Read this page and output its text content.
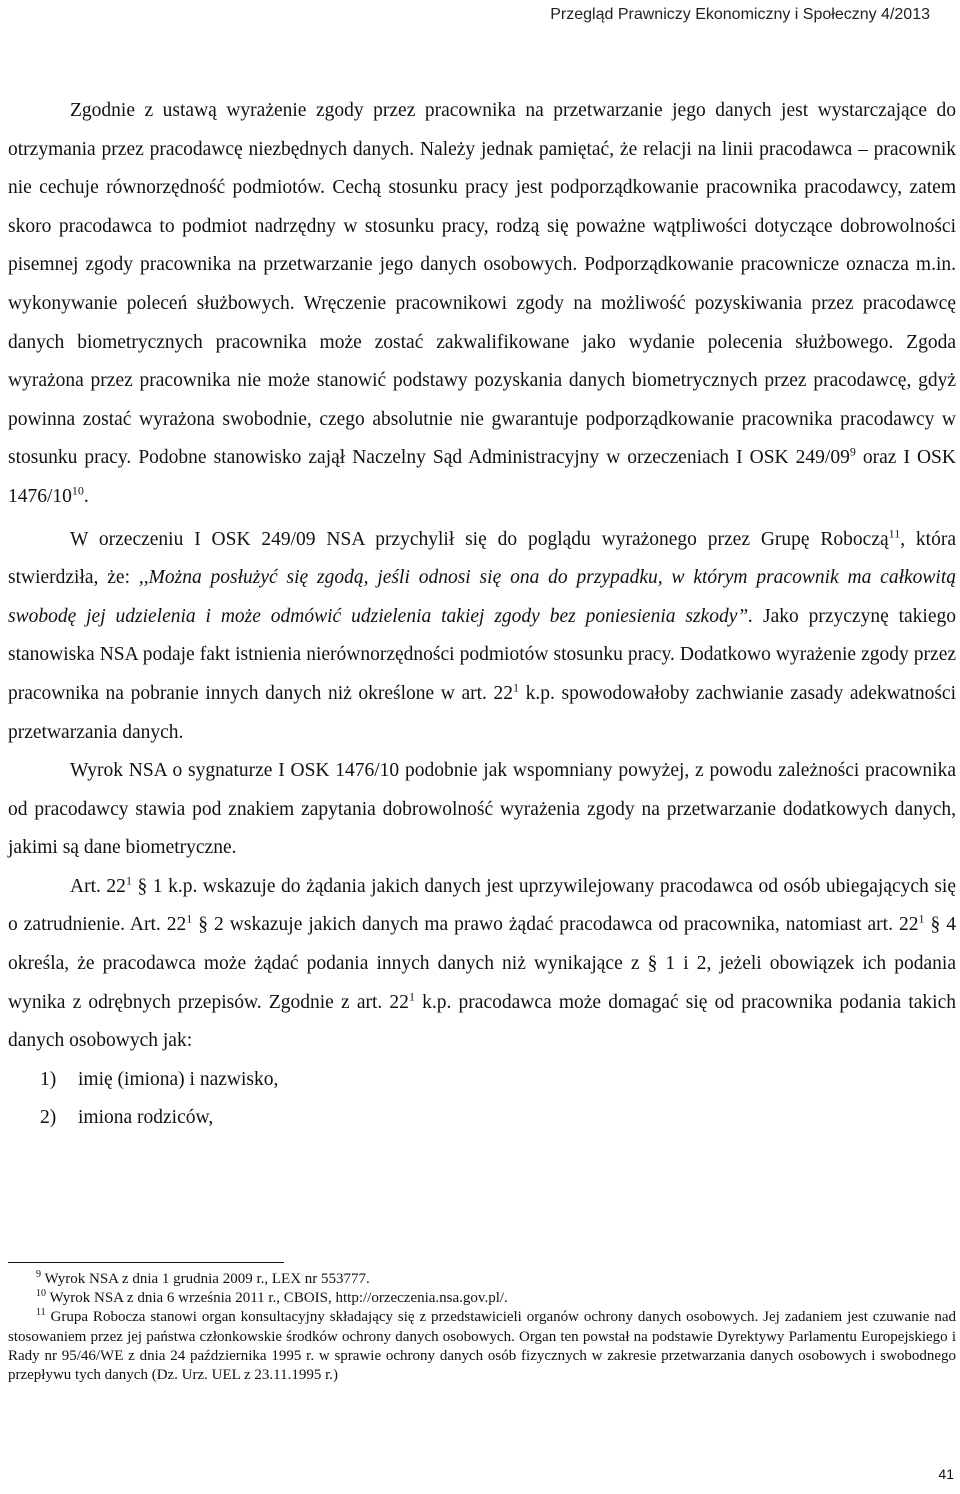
Przegląd Prawniczy Ekonomiczny i Społeczny 4/2013

Zgodnie z ustawą wyrażenie zgody przez pracownika na przetwarzanie jego danych jest wystarczające do otrzymania przez pracodawcę niezbędnych danych. Należy jednak pamiętać, że relacji na linii pracodawca – pracownik nie cechuje równorzędność podmiotów. Cechą stosunku pracy jest podporządkowanie pracownika pracodawcy, zatem skoro pracodawca to podmiot nadrzędny w stosunku pracy, rodzą się poważne wątpliwości dotyczące dobrowolności pisemnej zgody pracownika na przetwarzanie jego danych osobowych. Podporządkowanie pracownicze oznacza m.in. wykonywanie poleceń służbowych. Wręczenie pracownikowi zgody na możliwość pozyskiwania przez pracodawcę danych biometrycznych pracownika może zostać zakwalifikowane jako wydanie polecenia służbowego. Zgoda wyrażona przez pracownika nie może stanowić podstawy pozyskania danych biometrycznych przez pracodawcę, gdyż powinna zostać wyrażona swobodnie, czego absolutnie nie gwarantuje podporządkowanie pracownika pracodawcy w stosunku pracy. Podobne stanowisko zajął Naczelny Sąd Administracyjny w orzeczeniach I OSK $249/09^9$ oraz I OSK $1476/10^{10}$.

W orzeczeniu I OSK 249/09 NSA przychylił się do poglądu wyrażonego przez Grupę Roboczą$^{11}$, która stwierdziła, że: ,,Można posłużyć się zgodą, jeśli odnosi się ona do przypadku, w którym pracownik ma całkowitą swobodę jej udzielenia i może odmówić udzielenia takiej zgody bez poniesienia szkody”. Jako przyczynę takiego stanowiska NSA podaje fakt istnienia nierównorzędności podmiotów stosunku pracy. Dodatkowo wyrażenie zgody przez pracownika na pobranie innych danych niż określone w art. $22^1$ k.p. spowodowałoby zachwianie zasady adekwatności przetwarzania danych.

Wyrok NSA o sygnaturze I OSK 1476/10 podobnie jak wspomniany powyżej, z powodu zależności pracownika od pracodawcy stawia pod znakiem zapytania dobrowolność wyrażenia zgody na przetwarzanie dodatkowych danych, jakimi są dane biometryczne.

Art. $22^1$ § 1 k.p. wskazuje do żądania jakich danych jest uprzywilejowany pracodawca od osób ubiegających się o zatrudnienie. Art. $22^1$ § 2 wskazuje jakich danych ma prawo żądać pracodawca od pracownika, natomiast art. $22^1$ § 4 określa, że pracodawca może żądać podania innych danych niż wynikające z § 1 i 2, jeżeli obowiązek ich podania wynika z odrębnych przepisów. Zgodnie z art. $22^1$ k.p. pracodawca może domagać się od pracownika podania takich danych osobowych jak:

1) imię (imiona) i nazwisko,
2) imiona rodziców,

$^9$ Wyrok NSA z dnia 1 grudnia 2009 r., LEX nr 553777.

$^{10}$ Wyrok NSA z dnia 6 września 2011 r., CBOIS, http://orzeczenia.nsa.gov.pl/.

$^{11}$ Grupa Robocza stanowi organ konsultacyjny składający się z przedstawicieli organów ochrony danych osobowych. Jej zadaniem jest czuwanie nad stosowaniem przez jej państwa członkowskie środków ochrony danych osobowych. Organ ten powstał na podstawie Dyrektywy Parlamentu Europejskiego i Rady nr 95/46/WE z dnia 24 października 1995 r. w sprawie ochrony danych osób fizycznych w zakresie przetwarzania danych osobowych i swobodnego przepływu tych danych (Dz. Urz. UEL z 23.11.1995 r.)

41
